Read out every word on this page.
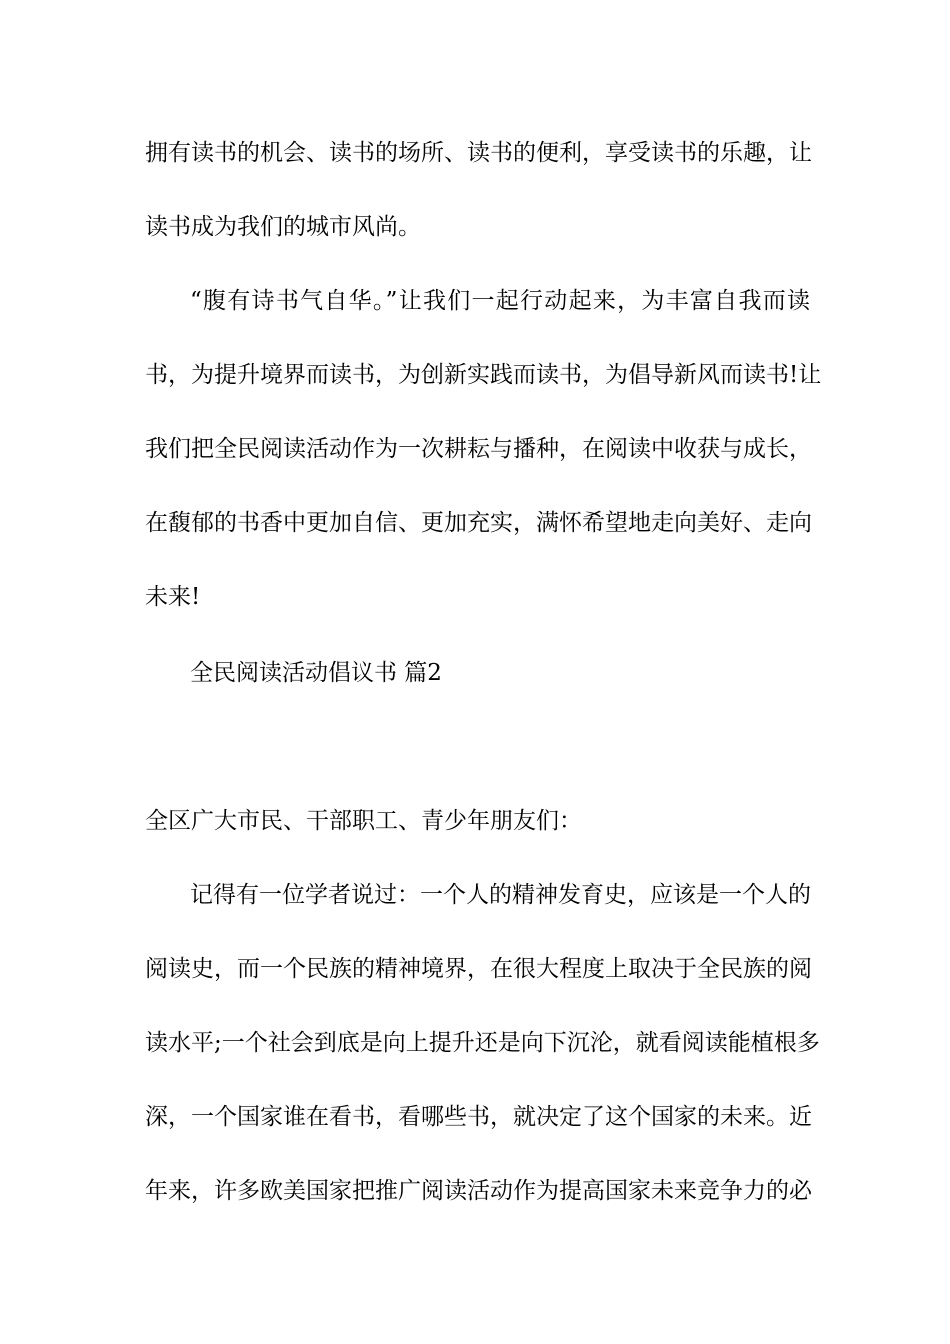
拥有读书的机会、读书的场所、读书的便利，享受读书的乐趣，让
读书成为我们的城市风尚。
“腹有诗书气自华。”让我们一起行动起来，为丰富自我而读
书，为提升境界而读书，为创新实践而读书，为倡导新风而读书!让
我们把全民阅读活动作为一次耕耘与播种，在阅读中收获与成长，
在馥郁的书香中更加自信、更加充实，满怀希望地走向美好、走向
未来!
全民阅读活动倡议书 篇2
全区广大市民、干部职工、青少年朋友们：
记得有一位学者说过：一个人的精神发育史，应该是一个人的
阅读史，而一个民族的精神境界，在很大程度上取决于全民族的阅
读水平;一个社会到底是向上提升还是向下沉沦，就看阅读能植根多
深，一个国家谁在看书，看哪些书，就决定了这个国家的未来。近
年来，许多欧美国家把推广阅读活动作为提高国家未来竞争力的必
